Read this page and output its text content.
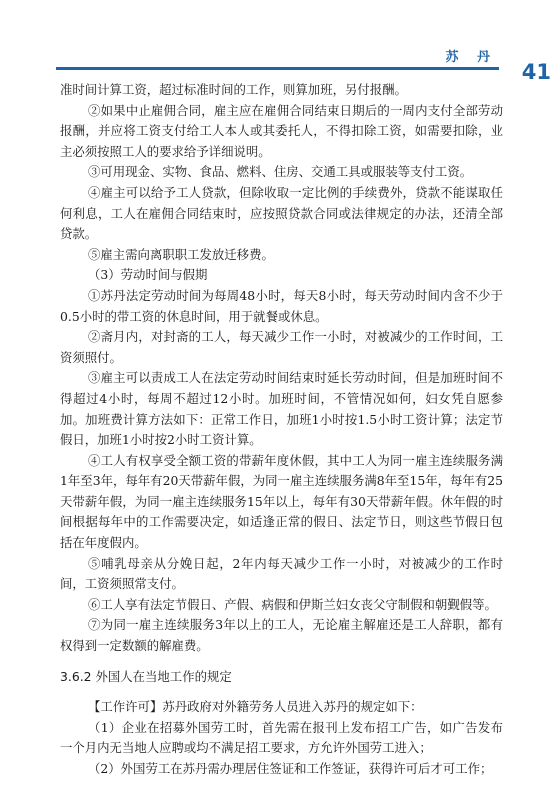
苏 丹
41

准时间计算工资，超过标准时间的工作，则算加班，另付报酬。

②如果中止雇佣合同，雇主应在雇佣合同结束日期后的一周内支付全部劳动报酬，并应将工资支付给工人本人或其委托人，不得扣除工资，如需要扣除，业主必须按照工人的要求给予详细说明。

③可用现金、实物、食品、燃料、住房、交通工具或服装等支付工资。

④雇主可以给予工人贷款，但除收取一定比例的手续费外，贷款不能谋取任何利息，工人在雇佣合同结束时，应按照贷款合同或法律规定的办法，还清全部贷款。

⑤雇主需向离职职工发放迁移费。

（3）劳动时间与假期

①苏丹法定劳动时间为每周48小时，每天8小时，每天劳动时间内含不少于0.5小时的带工资的休息时间，用于就餐或休息。

②斋月内，对封斋的工人，每天减少工作一小时，对被减少的工作时间，工资须照付。

③雇主可以责成工人在法定劳动时间结束时延长劳动时间，但是加班时间不得超过4小时，每周不超过12小时。加班时间，不管情况如何，妇女凭自愿参加。加班费计算方法如下：正常工作日，加班1小时按1.5小时工资计算；法定节假日，加班1小时按2小时工资计算。

④工人有权享受全额工资的带薪年度休假，其中工人为同一雇主连续服务满1年至3年，每年有20天带薪年假，为同一雇主连续服务满8年至15年，每年有25天带薪年假，为同一雇主连续服务15年以上，每年有30天带薪年假。休年假的时间根据每年中的工作需要决定，如适逢正常的假日、法定节日，则这些节假日包括在年度假内。

⑤哺乳母亲从分娩日起，2年内每天减少工作一小时，对被减少的工作时间，工资须照常支付。

⑥工人享有法定节假日、产假、病假和伊斯兰妇女丧父守制假和朝觐假等。

⑦为同一雇主连续服务3年以上的工人，无论雇主解雇还是工人辞职，都有权得到一定数额的解雇费。

3.6.2 外国人在当地工作的规定

【工作许可】苏丹政府对外籍劳务人员进入苏丹的规定如下：

（1）企业在招募外国劳工时，首先需在报刊上发布招工广告，如广告发布一个月内无当地人应聘或均不满足招工要求，方允许外国劳工进入；

（2）外国劳工在苏丹需办理居住签证和工作签证，获得许可后才可工作；
